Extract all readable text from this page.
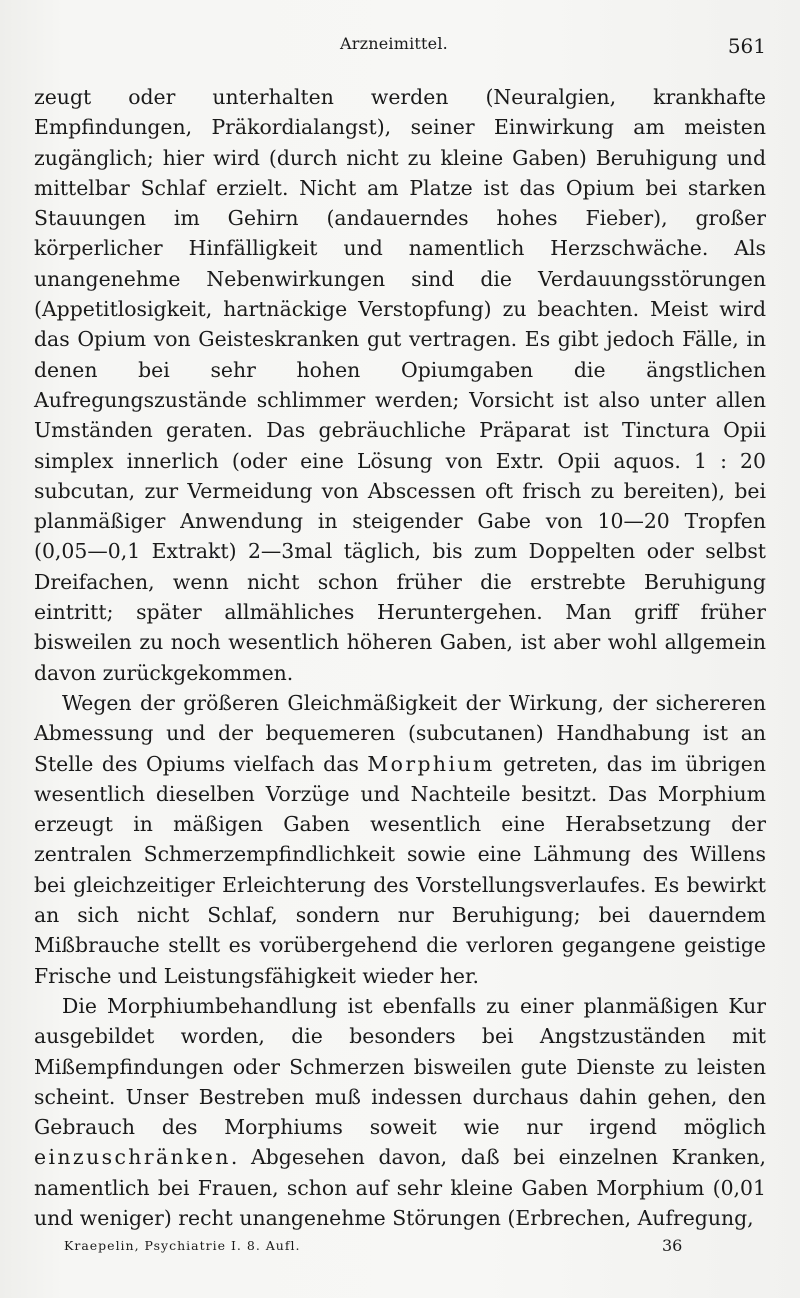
Arzneimittel.	561

zeugt oder unterhalten werden (Neuralgien, krankhafte Empfindungen, Präkordialangst), seiner Einwirkung am meisten zugänglich; hier wird (durch nicht zu kleine Gaben) Beruhigung und mittelbar Schlaf erzielt. Nicht am Platze ist das Opium bei starken Stauungen im Gehirn (andauerndes hohes Fieber), großer körperlicher Hinfälligkeit und namentlich Herzschwäche. Als unangenehme Nebenwirkungen sind die Verdauungsstörungen (Appetitlosigkeit, hartnäckige Verstopfung) zu beachten. Meist wird das Opium von Geisteskranken gut vertragen. Es gibt jedoch Fälle, in denen bei sehr hohen Opiumgaben die ängstlichen Aufregungszustände schlimmer werden; Vorsicht ist also unter allen Umständen geraten. Das gebräuchliche Präparat ist Tinctura Opii simplex innerlich (oder eine Lösung von Extr. Opii aquos. 1 : 20 subcutan, zur Vermeidung von Abscessen oft frisch zu bereiten), bei planmäßiger Anwendung in steigender Gabe von 10—20 Tropfen (0,05—0,1 Extrakt) 2—3mal täglich, bis zum Doppelten oder selbst Dreifachen, wenn nicht schon früher die erstrebte Beruhigung eintritt; später allmähliches Heruntergehen. Man griff früher bisweilen zu noch wesentlich höheren Gaben, ist aber wohl allgemein davon zurückgekommen.

Wegen der größeren Gleichmäßigkeit der Wirkung, der sichereren Abmessung und der bequemeren (subcutanen) Handhabung ist an Stelle des Opiums vielfach das Morphium getreten, das im übrigen wesentlich dieselben Vorzüge und Nachteile besitzt. Das Morphium erzeugt in mäßigen Gaben wesentlich eine Herabsetzung der zentralen Schmerzempfindlichkeit sowie eine Lähmung des Willens bei gleichzeitiger Erleichterung des Vorstellungsverlaufes. Es bewirkt an sich nicht Schlaf, sondern nur Beruhigung; bei dauerndem Mißbrauche stellt es vorübergehend die verloren gegangene geistige Frische und Leistungsfähigkeit wieder her.

Die Morphiumbehandlung ist ebenfalls zu einer planmäßigen Kur ausgebildet worden, die besonders bei Angstzuständen mit Mißempfindungen oder Schmerzen bisweilen gute Dienste zu leisten scheint. Unser Bestreben muß indessen durchaus dahin gehen, den Gebrauch des Morphiums soweit wie nur irgend möglich einzuschränken. Abgesehen davon, daß bei einzelnen Kranken, namentlich bei Frauen, schon auf sehr kleine Gaben Morphium (0,01 und weniger) recht unangenehme Störungen (Erbrechen, Aufregung,

Kraepelin, Psychiatrie I. 8. Aufl.	36
